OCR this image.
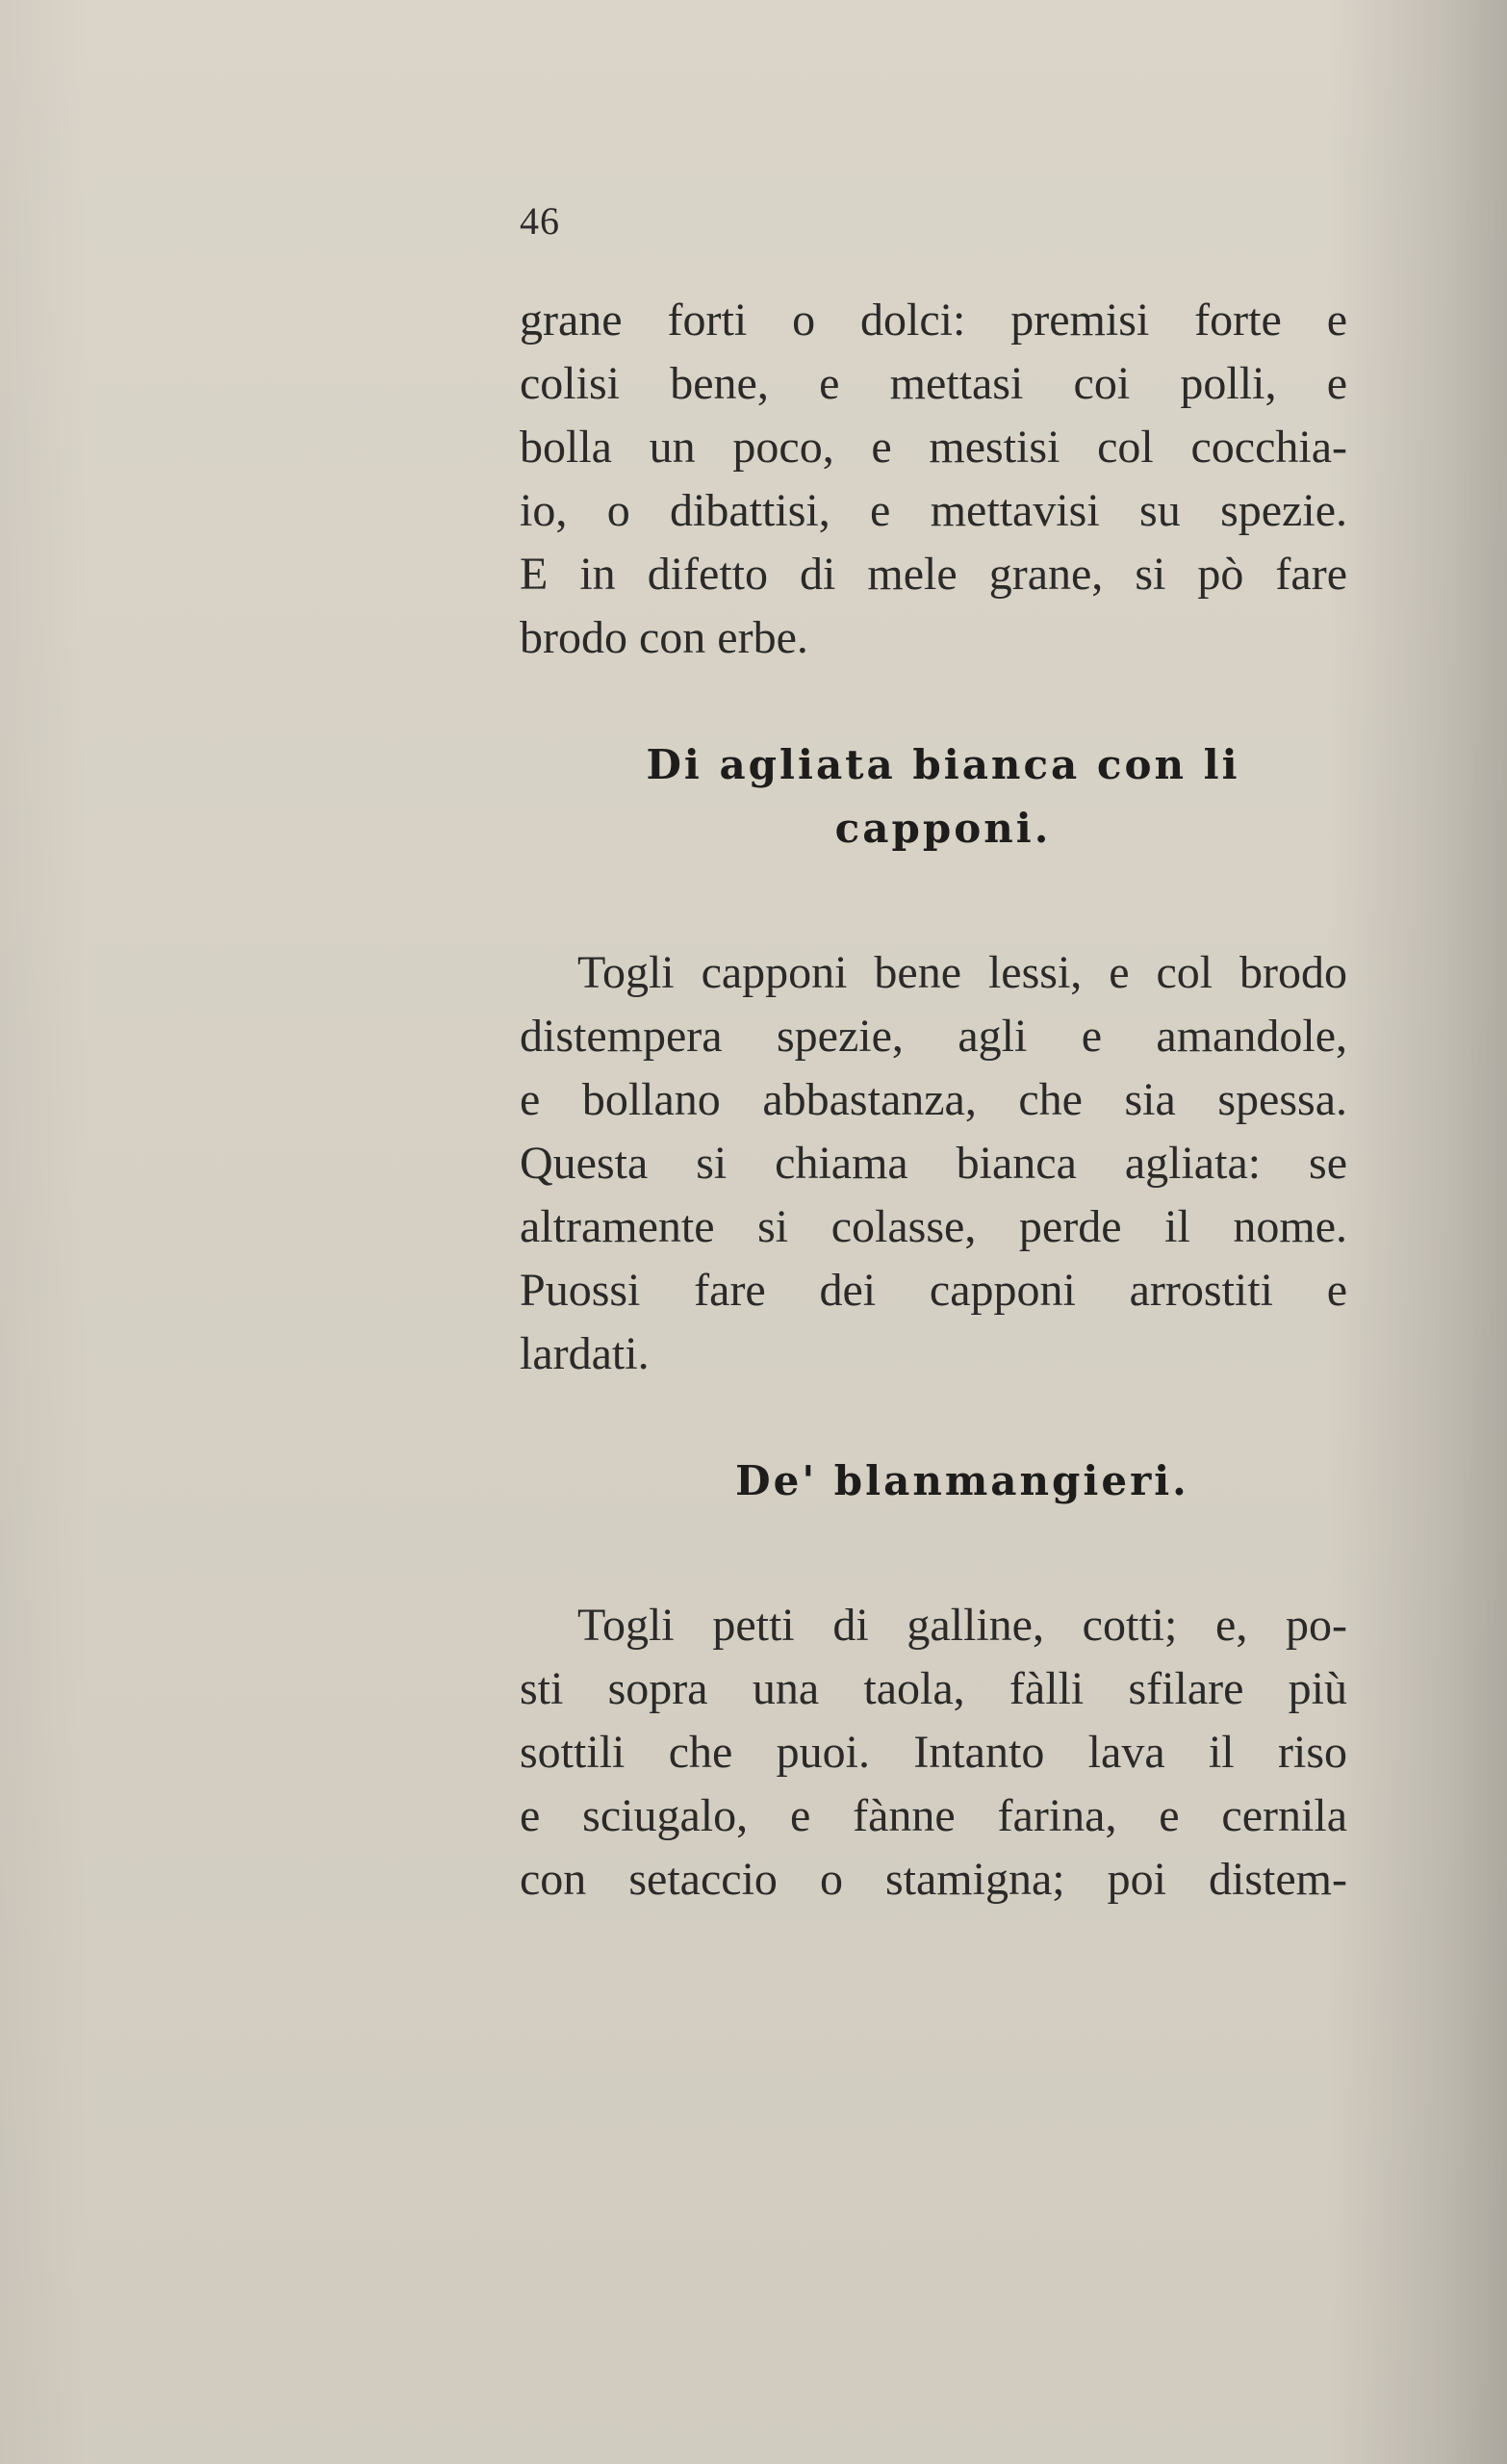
46

grane forti o dolci: premisi forte e

colisi bene, e mettasi coi polli, e

bolla un poco, e mestisi col cocchia-

io, o dibattisi, e mettavisi su spezie.

E in difetto di mele grane, si pò fare

brodo con erbe.

Di agliata bianca con li
capponi.

Togli capponi bene lessi, e col brodo

distempera spezie, agli e amandole,

e bollano abbastanza, che sia spessa.

Questa si chiama bianca agliata: se

altramente si colasse, perde il nome.

Puossi fare dei capponi arrostiti e

lardati.

De' blanmangieri.

Togli petti di galline, cotti; e, po-

sti sopra una taola, fàlli sfilare più

sottili che puoi. Intanto lava il riso

e sciugalo, e fànne farina, e cernila

con setaccio o stamigna; poi distem-
